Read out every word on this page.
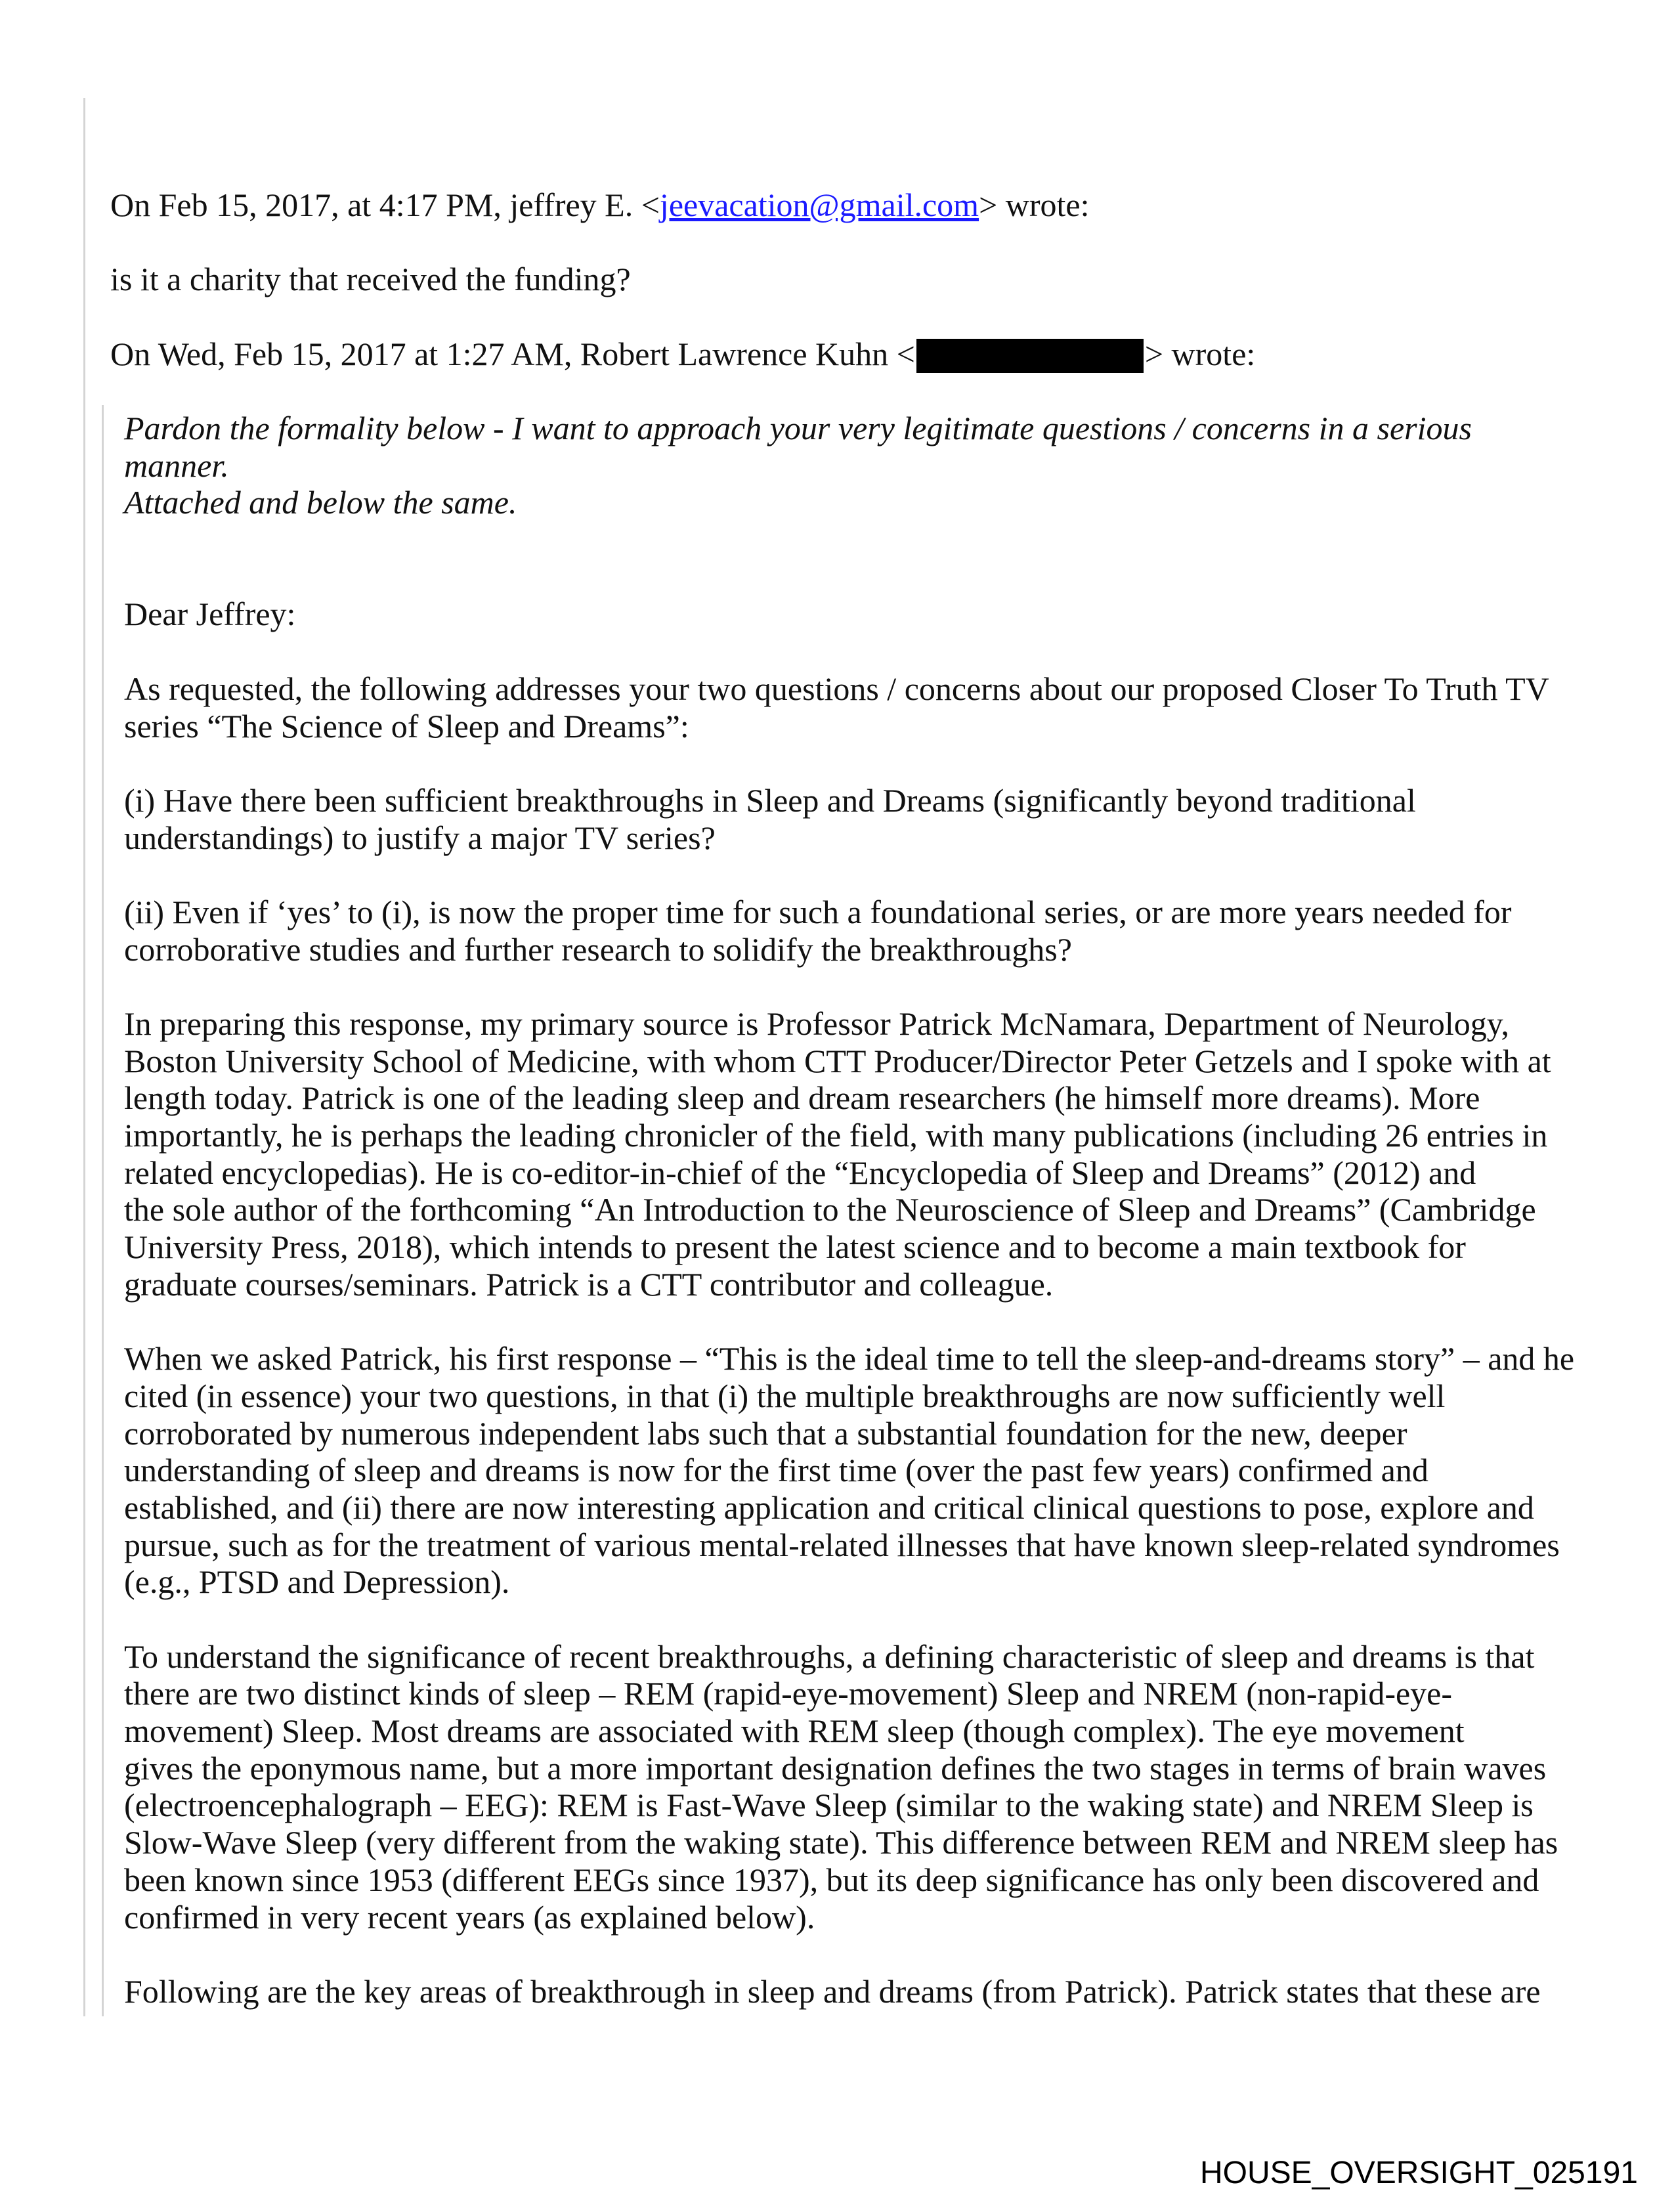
On Feb 15, 2017, at 4:17 PM, jeffrey E. <jeevacation@gmail.com> wrote:
is it a charity that received the funding?
On Wed, Feb 15, 2017 at 1:27 AM, Robert Lawrence Kuhn <	> wrote:
Pardon the formality below - I want to approach your very legitimate questions / concerns in a serious
manner.
Attached and below the same.
Dear Jeffrey:
As requested, the following addresses your two questions / concerns about our proposed Closer To Truth TV
series “The Science of Sleep and Dreams”:
(i) Have there been sufficient breakthroughs in Sleep and Dreams (significantly beyond traditional
understandings) to justify a major TV series?
(ii) Even if ‘yes’ to (i), is now the proper time for such a foundational series, or are more years needed for
corroborative studies and further research to solidify the breakthroughs?
In preparing this response, my primary source is Professor Patrick McNamara, Department of Neurology,
Boston University School of Medicine, with whom CTT Producer/Director Peter Getzels and I spoke with at
length today. Patrick is one of the leading sleep and dream researchers (he himself more dreams). More
importantly, he is perhaps the leading chronicler of the field, with many publications (including 26 entries in
related encyclopedias). He is co-editor-in-chief of the “Encyclopedia of Sleep and Dreams” (2012) and
the sole author of the forthcoming “An Introduction to the Neuroscience of Sleep and Dreams” (Cambridge
University Press, 2018), which intends to present the latest science and to become a main textbook for
graduate courses/seminars. Patrick is a CTT contributor and colleague.
When we asked Patrick, his first response – “This is the ideal time to tell the sleep-and-dreams story” – and he
cited (in essence) your two questions, in that (i) the multiple breakthroughs are now sufficiently well
corroborated by numerous independent labs such that a substantial foundation for the new, deeper
understanding of sleep and dreams is now for the first time (over the past few years) confirmed and
established, and (ii) there are now interesting application and critical clinical questions to pose, explore and
pursue, such as for the treatment of various mental-related illnesses that have known sleep-related syndromes
(e.g., PTSD and Depression).
To understand the significance of recent breakthroughs, a defining characteristic of sleep and dreams is that
there are two distinct kinds of sleep – REM (rapid-eye-movement) Sleep and NREM (non-rapid-eye-
movement) Sleep. Most dreams are associated with REM sleep (though complex). The eye movement
gives the eponymous name, but a more important designation defines the two stages in terms of brain waves
(electroencephalograph – EEG): REM is Fast-Wave Sleep (similar to the waking state) and NREM Sleep is
Slow-Wave Sleep (very different from the waking state). This difference between REM and NREM sleep has
been known since 1953 (different EEGs since 1937), but its deep significance has only been discovered and
confirmed in very recent years (as explained below).
Following are the key areas of breakthrough in sleep and dreams (from Patrick). Patrick states that these are
HOUSE_OVERSIGHT_025191
